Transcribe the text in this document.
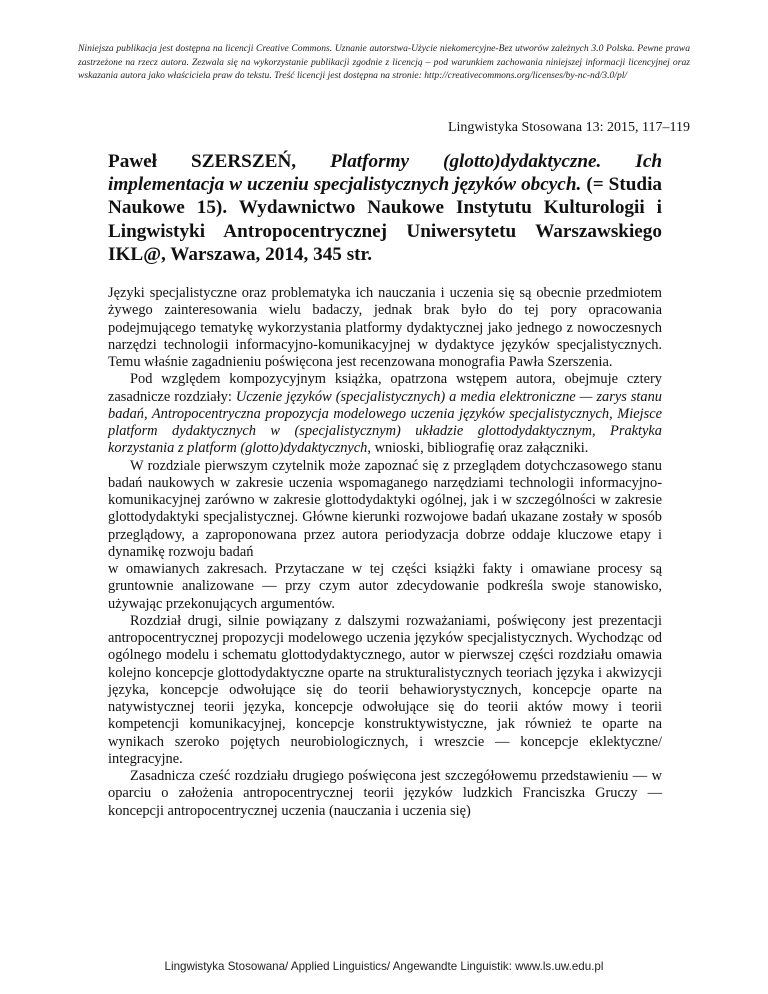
Niniejsza publikacja jest dostępna na licencji Creative Commons. Uznanie autorstwa-Użycie niekomercyjne-Bez utworów zależnych 3.0 Polska. Pewne prawa zastrzeżone na rzecz autora. Zezwala się na wykorzystanie publikacji zgodnie z licencją – pod warunkiem zachowania niniejszej informacji licencyjnej oraz wskazania autora jako właściciela praw do tekstu. Treść licencji jest dostępna na stronie: http://creativecommons.org/licenses/by-nc-nd/3.0/pl/
Lingwistyka Stosowana 13: 2015, 117–119
Paweł SZERSZEŃ, Platformy (glotto)dydaktyczne. Ich implementacja w uczeniu specjalistycznych języków obcych. (= Studia Naukowe 15). Wydawnictwo Naukowe Instytutu Kulturologii i Lingwistyki Antropocentrycznej Uniwersytetu Warszawskiego IKL@, Warszawa, 2014, 345 str.

Języki specjalistyczne oraz problematyka ich nauczania i uczenia się są obecnie przedmiotem żywego zainteresowania wielu badaczy, jednak brak było do tej pory opracowania podejmującego tematykę wykorzystania platformy dydaktycznej jako jednego z nowoczesnych narzędzi technologii informacyjno-komunikacyjnej w dydaktyce języków specjalistycznych. Temu właśnie zagadnieniu poświęcona jest recenzowana monografia Pawła Szerszenia.

Pod względem kompozycyjnym książka, opatrzona wstępem autora, obejmuje cztery zasadnicze rozdziały: Uczenie języków (specjalistycznych) a media elektroniczne — zarys stanu badań, Antropocentryczna propozycja modelowego uczenia języków specjalistycznych, Miejsce platform dydaktycznych w (specjalistycznym) układzie glottodydaktycznym, Praktyka korzystania z platform (glotto)dydaktycznych, wnioski, bibliografię oraz załączniki.

W rozdziale pierwszym czytelnik może zapoznać się z przeglądem dotychczasowego stanu badań naukowych w zakresie uczenia wspomaganego narzędziami technologii informacyjno-komunikacyjnej zarówno w zakresie glottodydaktyki ogólnej, jak i w szczególności w zakresie glottodydaktyki specjalistycznej. Główne kierunki rozwojowe badań ukazane zostały w sposób przeglądowy, a zaproponowana przez autora periodyzacja dobrze oddaje kluczowe etapy i dynamikę rozwoju badań

w omawianych zakresach. Przytaczane w tej części książki fakty i omawiane procesy są gruntownie analizowane — przy czym autor zdecydowanie podkreśla swoje stanowisko, używając przekonujących argumentów.

Rozdział drugi, silnie powiązany z dalszymi rozważaniami, poświęcony jest prezentacji antropocentrycznej propozycji modelowego uczenia języków specjalistycznych. Wychodząc od ogólnego modelu i schematu glottodydaktycznego, autor w pierwszej części rozdziału omawia kolejno koncepcje glottodydaktyczne oparte na strukturalistycznych teoriach języka i akwizycji języka, koncepcje odwołujące się do teorii behawiorystycznych, koncepcje oparte na natywistycznej teorii języka, koncepcje odwołujące się do teorii aktów mowy i teorii kompetencji komunikacyjnej, koncepcje konstruktywistyczne, jak również te oparte na wynikach szeroko pojętych neurobiologicznych, i wreszcie — koncepcje eklektyczne/ integracyjne.

Zasadnicza cześć rozdziału drugiego poświęcona jest szczegółowemu przedstawieniu — w oparciu o założenia antropocentrycznej teorii języków ludzkich Franciszka Gruczy — koncepcji antropocentrycznej uczenia (nauczania i uczenia się)

Lingwistyka Stosowana/ Applied Linguistics/ Angewandte Linguistik: www.ls.uw.edu.pl
